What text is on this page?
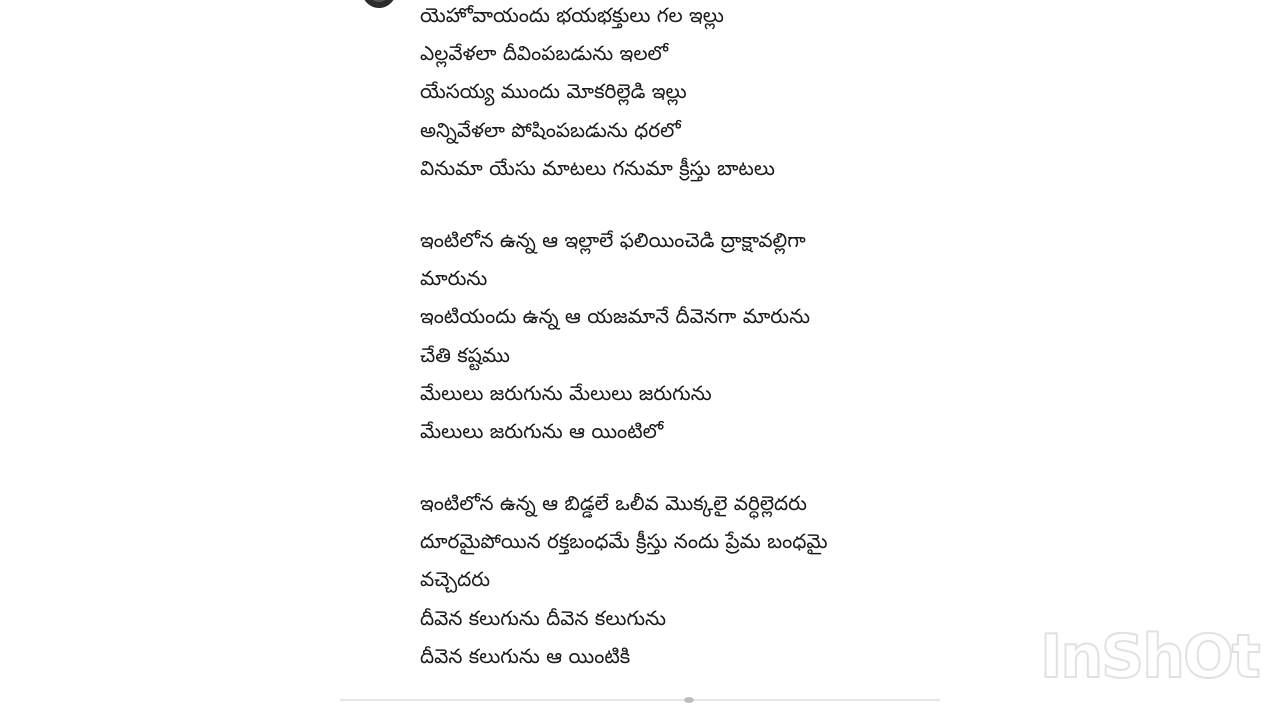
యెహోవాయందు భయభక్తులు గల ఇల్లు
ఎల్లవేళలా దీవింపబడును ఇలలో
యేసయ్య ముందు మోకరిల్లెడి ఇల్లు
అన్నివేళలా పోషింపబడును ధరలో
వినుమా యేసు మాటలు గనుమా క్రీస్తు బాటలు
ఇంటిలోన ఉన్న ఆ ఇల్లాలే ఫలియించెడి ద్రాక్షావల్లిగా
మారును
ఇంటియందు ఉన్న ఆ యజమానే దీవెనగా మారును
చేతి కష్టము
మేలులు జరుగును మేలులు జరుగును
మేలులు జరుగును ఆ యింటిలో
ఇంటిలోన ఉన్న ఆ బిడ్డలే ఒలీవ మొక్కలై వర్ధిల్లెదరు
దూరమైపోయిన రక్తబంధమే క్రీస్తు నందు ప్రేమ బంధమై
వచ్చెదరు
దీవెన కలుగును దీవెన కలుగును
దీవెన కలుగును ఆ యింటికి	InShOt
